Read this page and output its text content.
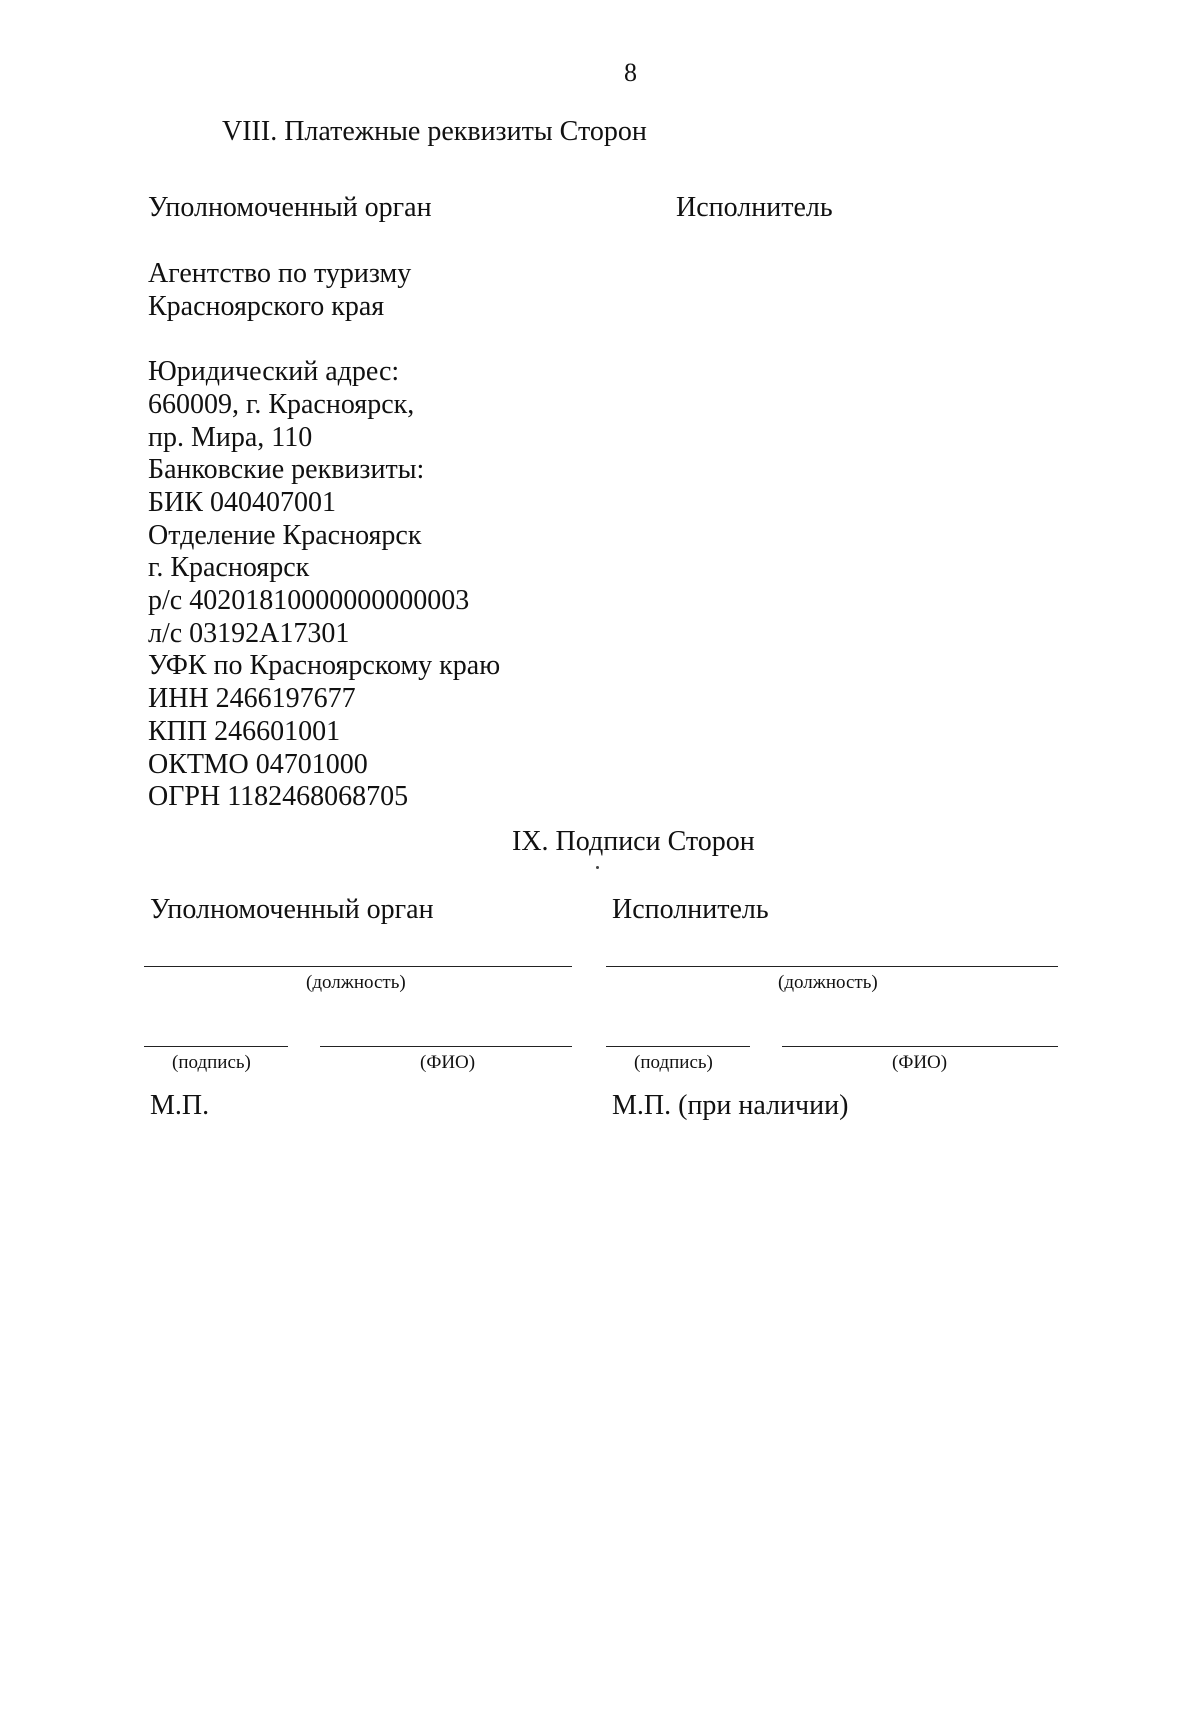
8
VIII. Платежные реквизиты Сторон
Уполномоченный орган	Исполнитель
Агентство по туризму
Красноярского края
Юридический адрес:
660009, г. Красноярск,
пр. Мира, 110
Банковские реквизиты:
БИК 040407001
Отделение Красноярск
г. Красноярск
р/с 40201810000000000003
л/с 03192А17301
УФК по Красноярскому краю
ИНН 2466197677
КПП 246601001
ОКТМО 04701000
ОГРН 1182468068705
IX. Подписи Сторон
Уполномоченный орган	Исполнитель
(должность)	(должность)
(подпись)	(ФИО)	(подпись)	(ФИО)
М.П.	М.П. (при наличии)
